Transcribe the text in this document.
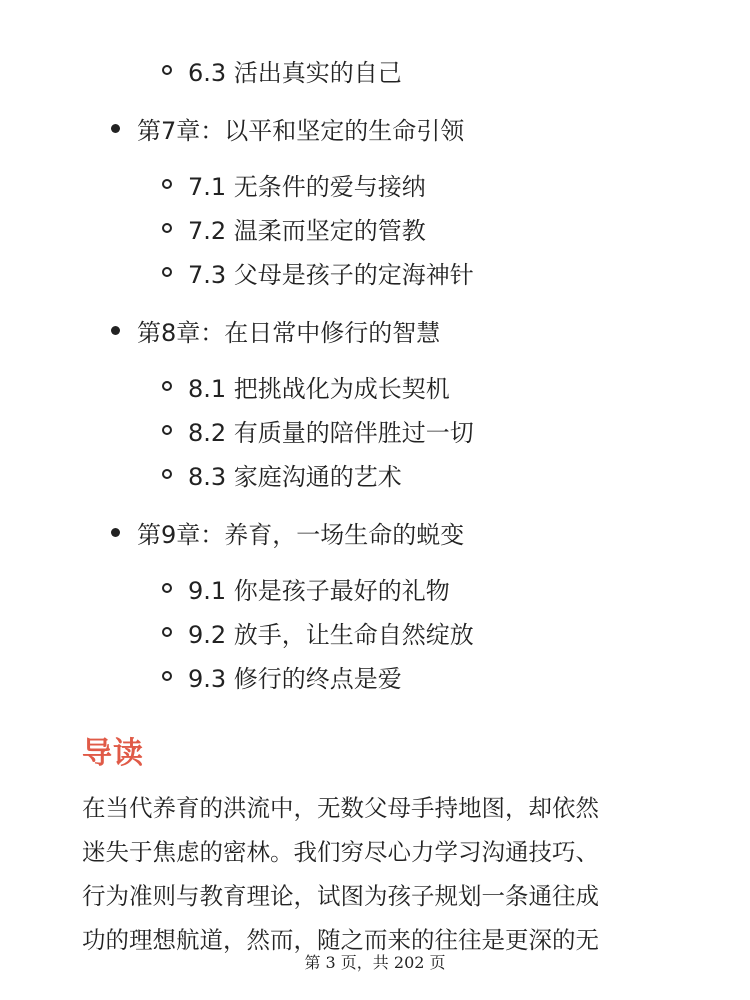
6.3 活出真实的自己
第7章：以平和坚定的生命引领
7.1 无条件的爱与接纳
7.2 温柔而坚定的管教
7.3 父母是孩子的定海神针
第8章：在日常中修行的智慧
8.1 把挑战化为成长契机
8.2 有质量的陪伴胜过一切
8.3 家庭沟通的艺术
第9章：养育，一场生命的蜕变
9.1 你是孩子最好的礼物
9.2 放手，让生命自然绽放
9.3 修行的终点是爱
导读
在当代养育的洪流中，无数父母手持地图，却依然
迷失于焦虑的密林。我们穷尽心力学习沟通技巧、
行为准则与教育理论，试图为孩子规划一条通往成
功的理想航道，然而，随之而来的往往是更深的无
第 3 页，共 202 页
